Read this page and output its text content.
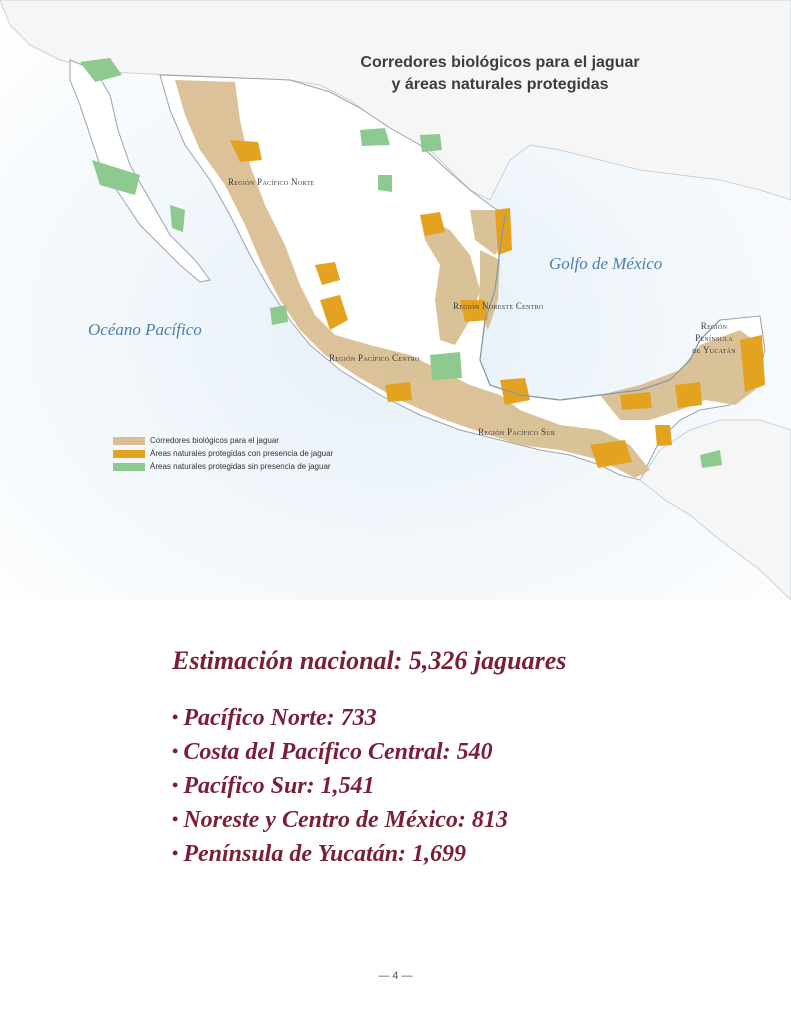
Corredores biológicos para el jaguar
y áreas naturales protegidas
Golfo de México
Océano Pacífico
Región Pacífico Norte
Región Noreste Centro
Región Pacífico Centro
Región Pacífico Sur
Región
Península
de Yucatán
Corredores biológicos para el jaguar
Áreas naturales protegidas con presencia de jaguar
Áreas naturales protegidas sin presencia de jaguar
Estimación nacional: 5,326 jaguares
• Pacífico Norte: 733
• Costa del Pacífico Central: 540
• Pacífico Sur: 1,541
• Noreste y Centro de México: 813
• Península de Yucatán: 1,699
— 4 —
